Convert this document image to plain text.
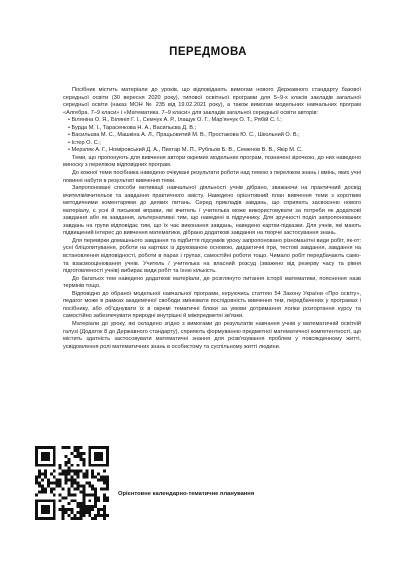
ПЕРЕДМОВА

Посібник містить матеріали до уроків, що відповідають вимогам нового Державного стандарту базової середньої освіти (30 вересня 2020 року), типової освітньої програми для 5–9-х класів закладів загальної середньої освіти (наказ МОН № 235 від 19.02.2021 року), а також вимогам модельних навчальних програм «Алгебра. 7–9 класи» і «Математика. 7–9 класи» для закладів загальної середньої освіти авторів:

• Біляніна О. Я., Біляніп Г. І., Семчук А. Р., Ілащук О. Г., Мар'янчук О. Т., Рябій С. І.;

• Бурда М. І., Тарасенкова Н. А., Васильєва Д. В.;

• Васильєва М. С., Машкіна А. Л., Працьовитий М. В., Простакова Ю. С., Школьний О. В.;

• Істер О. С.;

• Мерзляк А. Г., Номіровський Д. А., Пихтар М. П., Рубльов Б. В., Семенов В. В., Якір М. С.

Теми, що пропонують для вивчення автори окремих модельних програм, позначені зірочкою, до них наведено виноску з переліком відповідних програм.

До кожної теми посібника наведено очікувані результати роботи над темою з переліком знань і вмінь, яких учні повинні набути в результаті вивчення теми.

Запропоновані способи мотивації навчальної діяльності учнів дібрано, зважаючи на практичний досвід вчителів/вчительок та завдання практичного змісту. Наведено орієнтовний план вивчення теми з коротким методичними коментарями до деяких питань. Серед прикладів завдань, що сприяють засвоєнню нового матеріалу, є усні й письмові вправи, які вчитель / учителька може використовувати за потреби як додаткові завдання або як завдання, альтернативні тим, що наведені в підручнику. Для зручності поділ запропонованих завдань на групи відповідає тим, що їх чає виконання завдань, наведено картки-підказки. Для учнів, які мають підвищений інтерес до вивчення математики, дібрано додаткові завдання на творче застосування знань.

Для перевірки домашнього завдання та підбиття підсумків уроку запропоновано різноманітні види робіт, як-от: усні бліцопитування, роботи на картках із друкованою основою, дидактичні ігри, тестові завдання, завдання на встановлення відповідності, роботи в парах і групах, самостійні роботи тощо. Чимало робіт передбачають само- та взаємооцінювання учнів. Учитель / учителька на власний розсуд (зважено від резерву часу та рівня підготовленості учнів) вибирає види робіт та їхню кількість.

До багатьох тем наведено додаткові матеріали, де розглянуто питання історії математики, пояснення назв термінів тощо.

Відповідно до обраної модельної навчальної програми, керуючись статтею 54 Закону України «Про освіту», педагог може в рамках академічної свободи змінювати послідовність вивчення тем, передбачених у програмах і посібнику, або об'єднувати їх в окремі тематичні блоки за умови дотримання логіки розгортання курсу та самостійно забезпечувати природні внутрішні й міжпредметні зв'язки.

Матеріали до уроку, які складено згідно з вимогами до результатів навчання учнів у математичній освітній галузі (Додаток 8 до Державного стандарту), сприяють формуванню предметної математичної компетентності, що містить здатність застосовувати математичні знання для розв'язування проблем у повсякденному житті, усвідомлення ролі математичних знань в особистому та суспільному житті людини.

Орієнтовне календарно-тематичне планування
